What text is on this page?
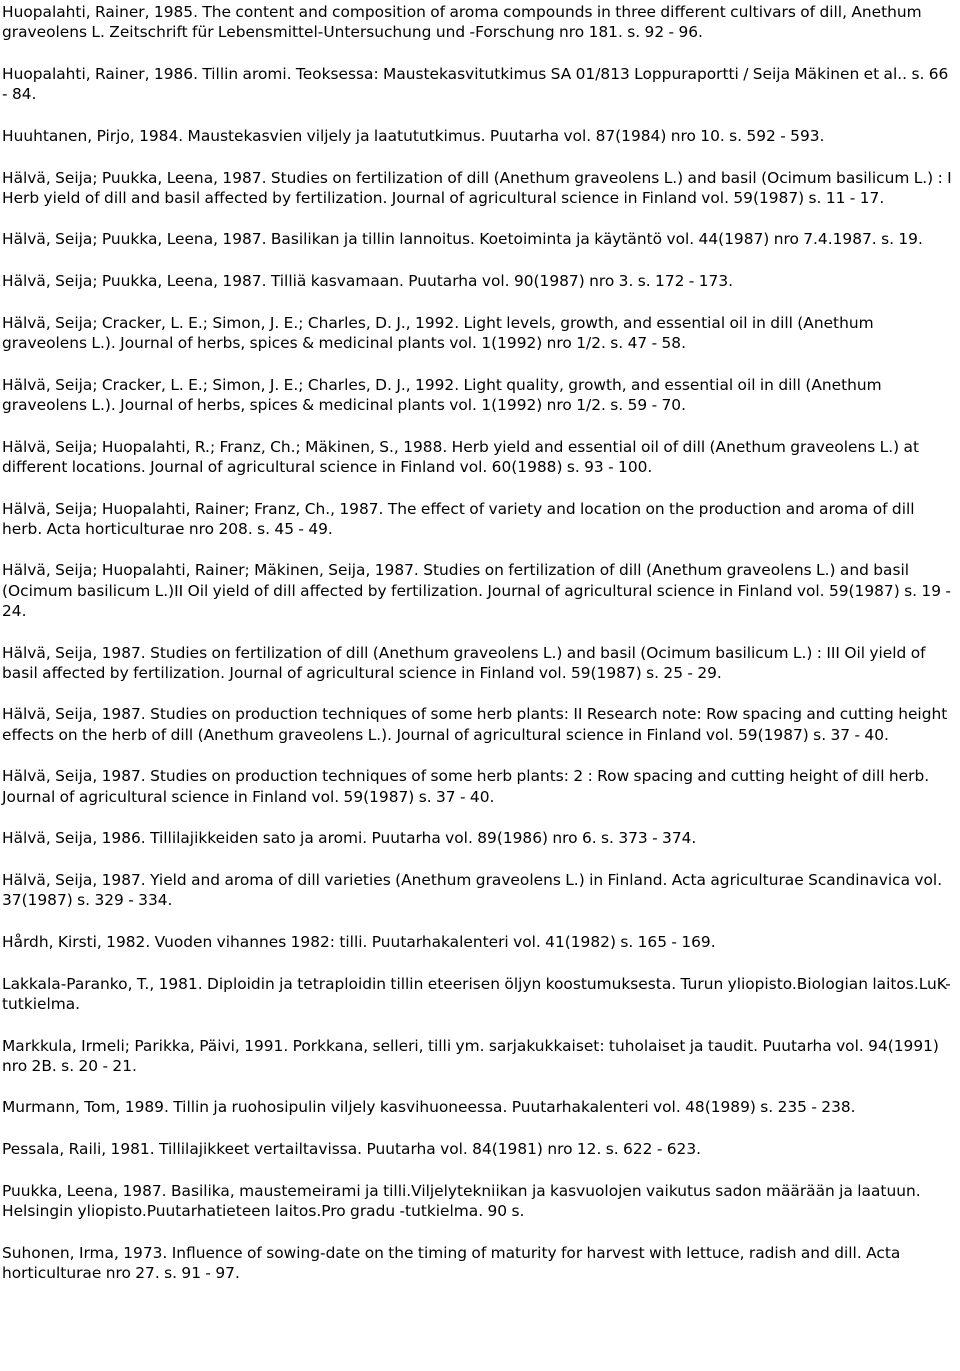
Huopalahti, Rainer, 1985. The content and composition of aroma compounds in three different cultivars of dill, Anethum graveolens L. Zeitschrift für Lebensmittel-Untersuchung und -Forschung nro 181. s. 92 - 96.
Huopalahti, Rainer, 1986. Tillin aromi. Teoksessa: Maustekasvitutkimus SA 01/813 Loppuraportti / Seija Mäkinen et al.. s. 66 - 84.
Huuhtanen, Pirjo, 1984. Maustekasvien viljely ja laatututkimus. Puutarha vol. 87(1984) nro 10. s. 592 - 593.
Hälvä, Seija; Puukka, Leena, 1987. Studies on fertilization of dill (Anethum graveolens L.) and basil (Ocimum basilicum L.) : I Herb yield of dill and basil affected by fertilization. Journal of agricultural science in Finland vol. 59(1987) s. 11 - 17.
Hälvä, Seija; Puukka, Leena, 1987. Basilikan ja tillin lannoitus. Koetoiminta ja käytäntö vol. 44(1987) nro 7.4.1987. s. 19.
Hälvä, Seija; Puukka, Leena, 1987. Tilliä kasvamaan. Puutarha vol. 90(1987) nro 3. s. 172 - 173.
Hälvä, Seija; Cracker, L. E.; Simon, J. E.; Charles, D. J., 1992. Light levels, growth, and essential oil in dill (Anethum graveolens L.). Journal of herbs, spices & medicinal plants vol. 1(1992) nro 1/2. s. 47 - 58.
Hälvä, Seija; Cracker, L. E.; Simon, J. E.; Charles, D. J., 1992. Light quality, growth, and essential oil in dill (Anethum graveolens L.). Journal of herbs, spices & medicinal plants vol. 1(1992) nro 1/2. s. 59 - 70.
Hälvä, Seija; Huopalahti, R.; Franz, Ch.; Mäkinen, S., 1988. Herb yield and essential oil of dill (Anethum graveolens L.) at different locations. Journal of agricultural science in Finland vol. 60(1988) s. 93 - 100.
Hälvä, Seija; Huopalahti, Rainer; Franz, Ch., 1987. The effect of variety and location on the production and aroma of dill herb. Acta horticulturae nro 208. s. 45 - 49.
Hälvä, Seija; Huopalahti, Rainer; Mäkinen, Seija, 1987. Studies on fertilization of dill (Anethum graveolens L.) and basil (Ocimum basilicum L.)II Oil yield of dill affected by fertilization. Journal of agricultural science in Finland vol. 59(1987) s. 19 - 24.
Hälvä, Seija, 1987. Studies on fertilization of dill (Anethum graveolens L.) and basil (Ocimum basilicum L.) : III Oil yield of basil affected by fertilization. Journal of agricultural science in Finland vol. 59(1987) s. 25 - 29.
Hälvä, Seija, 1987. Studies on production techniques of some herb plants: II Research note: Row spacing and cutting height effects on the herb of dill (Anethum graveolens L.). Journal of agricultural science in Finland vol. 59(1987) s. 37 - 40.
Hälvä, Seija, 1987. Studies on production techniques of some herb plants: 2 : Row spacing and cutting height of dill herb. Journal of agricultural science in Finland vol. 59(1987) s. 37 - 40.
Hälvä, Seija, 1986. Tillilajikkeiden sato ja aromi. Puutarha vol. 89(1986) nro 6. s. 373 - 374.
Hälvä, Seija, 1987. Yield and aroma of dill varieties (Anethum graveolens L.) in Finland. Acta agriculturae Scandinavica vol. 37(1987) s. 329 - 334.
Hårdh, Kirsti, 1982. Vuoden vihannes 1982: tilli. Puutarhakalenteri vol. 41(1982) s. 165 - 169.
Lakkala-Paranko, T., 1981. Diploidin ja tetraploidin tillin eteerisen öljyn koostumuksesta. Turun yliopisto.Biologian laitos.LuK-tutkielma.
Markkula, Irmeli; Parikka, Päivi, 1991. Porkkana, selleri, tilli ym. sarjakukkaiset: tuholaiset ja taudit. Puutarha vol. 94(1991) nro 2B. s. 20 - 21.
Murmann, Tom, 1989. Tillin ja ruohosipulin viljely kasvihuoneessa. Puutarhakalenteri vol. 48(1989) s. 235 - 238.
Pessala, Raili, 1981. Tillilajikkeet vertailtavissa. Puutarha vol. 84(1981) nro 12. s. 622 - 623.
Puukka, Leena, 1987. Basilika, maustemeirami ja tilli.Viljelytekniikan ja kasvuolojen vaikutus sadon määrään ja laatuun. Helsingin yliopisto.Puutarhatieteen laitos.Pro gradu -tutkielma. 90 s.
Suhonen, Irma, 1973. Influence of sowing-date on the timing of maturity for harvest with lettuce, radish and dill. Acta horticulturae nro 27. s. 91 - 97.
